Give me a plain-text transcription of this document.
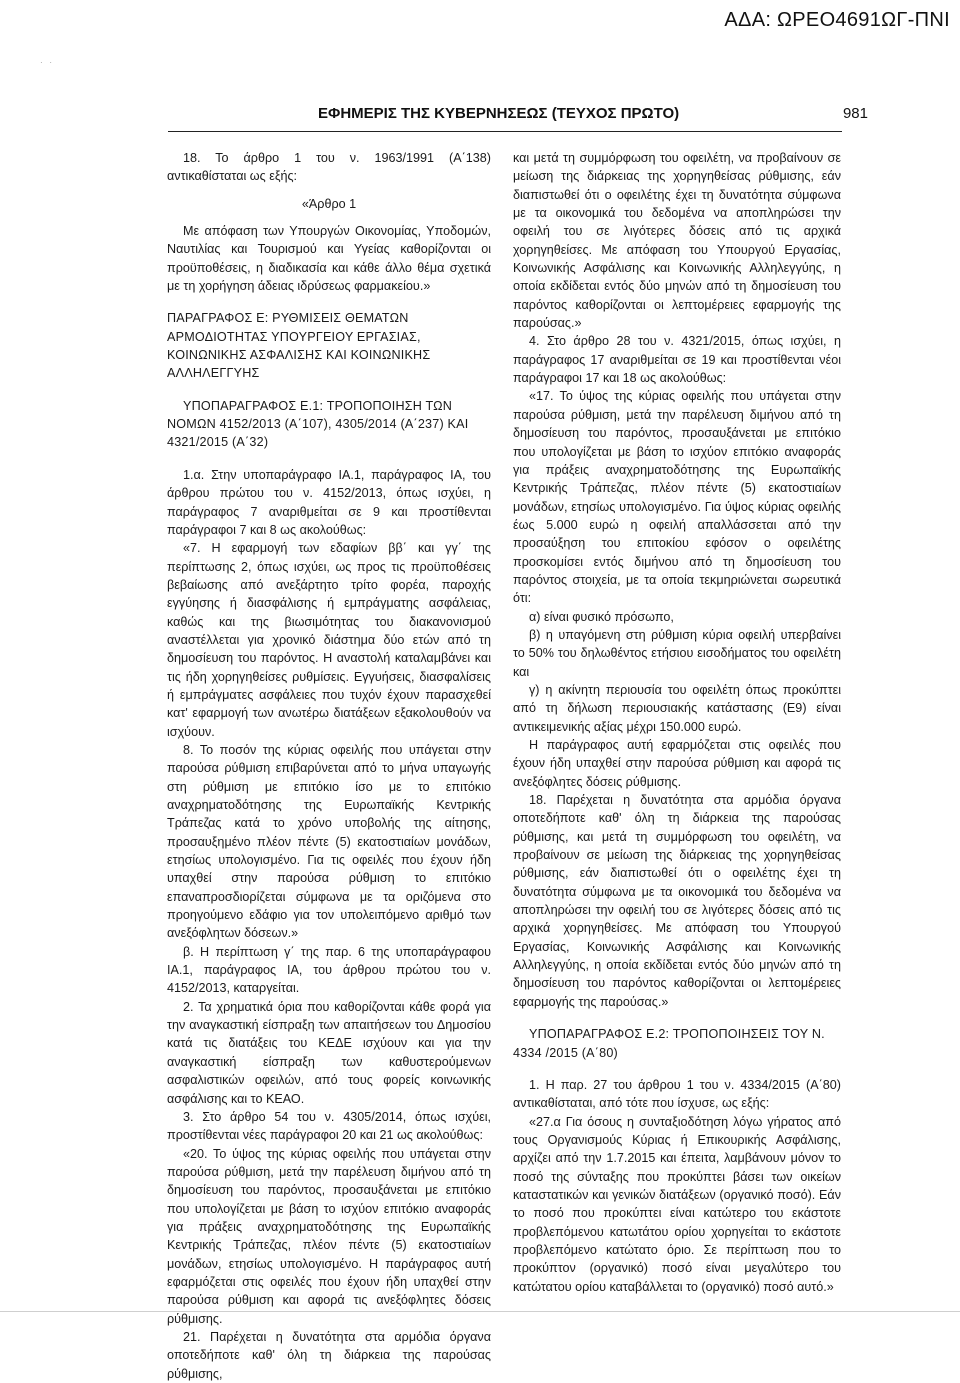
ΑΔΑ: ΩΡΕΟ4691ΩΓ-ΠΝΙ
·   ·
ΕΦΗΜΕΡΙΣ ΤΗΣ ΚΥΒΕΡΝΗΣΕΩΣ (ΤΕΥΧΟΣ ΠΡΩΤΟ)	981

18. Το άρθρο 1 του ν. 1963/1991 (Α΄138) αντικαθίσταται ως εξής:

«Άρθρο 1

Με απόφαση των Υπουργών Οικονομίας, Υποδομών, Ναυτιλίας και Τουρισμού και Υγείας καθορίζονται οι προϋποθέσεις, η διαδικασία και κάθε άλλο θέμα σχετικά με τη χορήγηση άδειας ιδρύσεως φαρμακείου.»

ΠΑΡΑΓΡΑΦΟΣ Ε: ΡΥΘΜΙΣΕΙΣ ΘΕΜΑΤΩΝ ΑΡΜΟΔΙΟΤΗΤΑΣ ΥΠΟΥΡΓΕΙΟΥ ΕΡΓΑΣΙΑΣ, ΚΟΙΝΩΝΙΚΗΣ ΑΣΦΑΛΙΣΗΣ ΚΑΙ ΚΟΙΝΩΝΙΚΗΣ ΑΛΛΗΛΕΓΓΥΗΣ

ΥΠΟΠΑΡΑΓΡΑΦΟΣ Ε.1: ΤΡΟΠΟΠΟΙΗΣΗ ΤΩΝ ΝΟΜΩΝ 4152/2013 (Α΄107), 4305/2014 (Α΄237) ΚΑΙ 4321/2015 (Α΄32)

1.α. Στην υποπαράγραφο ΙΑ.1, παράγραφος ΙΑ, του άρθρου πρώτου του ν. 4152/2013, όπως ισχύει, η παράγραφος 7 αναριθμείται σε 9 και προστίθενται παράγραφοι 7 και 8 ως ακολούθως:

«7. Η εφαρμογή των εδαφίων ββ΄ και γγ΄ της περίπτωσης 2, όπως ισχύει, ως προς τις προϋποθέσεις βεβαίωσης από ανεξάρτητο τρίτο φορέα, παροχής εγγύησης ή διασφάλισης ή εμπράγματης ασφάλειας, καθώς και της βιωσιμότητας του διακανονισμού αναστέλλεται για χρονικό διάστημα δύο ετών από τη δημοσίευση του παρόντος. Η αναστολή καταλαμβάνει και τις ήδη χορηγηθείσες ρυθμίσεις. Εγγυήσεις, διασφαλίσεις ή εμπράγματες ασφάλειες που τυχόν έχουν παρασχεθεί κατ' εφαρμογή των ανωτέρω διατάξεων εξακολουθούν να ισχύουν.

8. Το ποσόν της κύριας οφειλής που υπάγεται στην παρούσα ρύθμιση επιβαρύνεται από το μήνα υπαγωγής στη ρύθμιση με επιτόκιο ίσο με το επιτόκιο αναχρηματοδότησης της Ευρωπαϊκής Κεντρικής Τράπεζας κατά το χρόνο υποβολής της αίτησης, προσαυξημένο πλέον πέντε (5) εκατοστιαίων μονάδων, ετησίως υπολογισμένο. Για τις οφειλές που έχουν ήδη υπαχθεί στην παρούσα ρύθμιση το επιτόκιο επαναπροσδιορίζεται σύμφωνα με τα οριζόμενα στο προηγούμενο εδάφιο για τον υπολειπόμενο αριθμό των ανεξόφλητων δόσεων.»

β. Η περίπτωση γ΄ της παρ. 6 της υποπαράγραφου ΙΑ.1, παράγραφος ΙΑ, του άρθρου πρώτου του ν. 4152/2013, καταργείται.

2. Τα χρηματικά όρια που καθορίζονται κάθε φορά για την αναγκαστική είσπραξη των απαιτήσεων του Δημοσίου κατά τις διατάξεις του ΚΕΔΕ ισχύουν και για την αναγκαστική είσπραξη των καθυστερούμενων ασφαλιστικών οφειλών, από τους φορείς κοινωνικής ασφάλισης και το ΚΕΑΟ.

3. Στο άρθρο 54 του ν. 4305/2014, όπως ισχύει, προστίθενται νέες παράγραφοι 20 και 21 ως ακολούθως:

«20. Το ύψος της κύριας οφειλής που υπάγεται στην παρούσα ρύθμιση, μετά την παρέλευση διμήνου από τη δημοσίευση του παρόντος, προσαυξάνεται με επιτόκιο που υπολογίζεται με βάση το ισχύον επιτόκιο αναφοράς για πράξεις αναχρηματοδότησης της Ευρωπαϊκής Κεντρικής Τράπεζας, πλέον πέντε (5) εκατοστιαίων μονάδων, ετησίως υπολογισμένο. Η παράγραφος αυτή εφαρμόζεται στις οφειλές που έχουν ήδη υπαχθεί στην παρούσα ρύθμιση και αφορά τις ανεξόφλητες δόσεις ρύθμισης.

21. Παρέχεται η δυνατότητα στα αρμόδια όργανα οποτεδήποτε καθ' όλη τη διάρκεια της παρούσας ρύθμισης,

και μετά τη συμμόρφωση του οφειλέτη, να προβαίνουν σε μείωση της διάρκειας της χορηγηθείσας ρύθμισης, εάν διαπιστωθεί ότι ο οφειλέτης έχει τη δυνατότητα σύμφωνα με τα οικονομικά του δεδομένα να αποπληρώσει την οφειλή του σε λιγότερες δόσεις από τις αρχικά χορηγηθείσες. Με απόφαση του Υπουργού Εργασίας, Κοινωνικής Ασφάλισης και Κοινωνικής Αλληλεγγύης, η οποία εκδίδεται εντός δύο μηνών από τη δημοσίευση του παρόντος καθορίζονται οι λεπτομέρειες εφαρμογής της παρούσας.»

4. Στο άρθρο 28 του ν. 4321/2015, όπως ισχύει, η παράγραφος 17 αναριθμείται σε 19 και προστίθενται νέοι παράγραφοι 17 και 18 ως ακολούθως:

«17. Το ύψος της κύριας οφειλής που υπάγεται στην παρούσα ρύθμιση, μετά την παρέλευση διμήνου από τη δημοσίευση του παρόντος, προσαυξάνεται με επιτόκιο που υπολογίζεται με βάση το ισχύον επιτόκιο αναφοράς για πράξεις αναχρηματοδότησης της Ευρωπαϊκής Κεντρικής Τράπεζας, πλέον πέντε (5) εκατοστιαίων μονάδων, ετησίως υπολογισμένο. Για ύψος κύριας οφειλής έως 5.000 ευρώ η οφειλή απαλλάσσεται από την προσαύξηση του επιτοκίου εφόσον ο οφειλέτης προσκομίσει εντός διμήνου από τη δημοσίευση του παρόντος στοιχεία, με τα οποία τεκμηριώνεται σωρευτικά ότι:

α) είναι φυσικό πρόσωπο,

β) η υπαγόμενη στη ρύθμιση κύρια οφειλή υπερβαίνει το 50% του δηλωθέντος ετήσιου εισοδήματος του οφειλέτη και

γ) η ακίνητη περιουσία του οφειλέτη όπως προκύπτει από τη δήλωση περιουσιακής κατάστασης (Ε9) είναι αντικειμενικής αξίας μέχρι 150.000 ευρώ.

Η παράγραφος αυτή εφαρμόζεται στις οφειλές που έχουν ήδη υπαχθεί στην παρούσα ρύθμιση και αφορά τις ανεξόφλητες δόσεις ρύθμισης.

18. Παρέχεται η δυνατότητα στα αρμόδια όργανα οποτεδήποτε καθ' όλη τη διάρκεια της παρούσας ρύθμισης, και μετά τη συμμόρφωση του οφειλέτη, να προβαίνουν σε μείωση της διάρκειας της χορηγηθείσας ρύθμισης, εάν διαπιστωθεί ότι ο οφειλέτης έχει τη δυνατότητα σύμφωνα με τα οικονομικά του δεδομένα να αποπληρώσει την οφειλή του σε λιγότερες δόσεις από τις αρχικά χορηγηθείσες. Με απόφαση του Υπουργού Εργασίας, Κοινωνικής Ασφάλισης και Κοινωνικής Αλληλεγγύης, η οποία εκδίδεται εντός δύο μηνών από τη δημοσίευση του παρόντος καθορίζονται οι λεπτομέρειες εφαρμογής της παρούσας.»

ΥΠΟΠΑΡΑΓΡΑΦΟΣ Ε.2: ΤΡΟΠΟΠΟΙΗΣΕΙΣ ΤΟΥ Ν. 4334 /2015 (Α΄80)

1. Η παρ. 27 του άρθρου 1 του ν. 4334/2015 (Α΄80) αντικαθίσταται, από τότε που ίσχυσε, ως εξής:

«27.α Για όσους η συνταξιοδότηση λόγω γήρατος από τους Οργανισμούς Κύριας ή Επικουρικής Ασφάλισης, αρχίζει από την 1.7.2015 και έπειτα, λαμβάνουν μόνον το ποσό της σύνταξης που προκύπτει βάσει των οικείων καταστατικών και γενικών διατάξεων (οργανικό ποσό). Εάν το ποσό που προκύπτει είναι κατώτερο του εκάστοτε προβλεπόμενου κατωτάτου ορίου χορηγείται το εκάστοτε προβλεπόμενο κατώτατο όριο. Σε περίπτωση που το προκύπτον (οργανικό) ποσό είναι μεγαλύτερο του κατώτατου ορίου καταβάλλεται το (οργανικό) ποσό αυτό.»
